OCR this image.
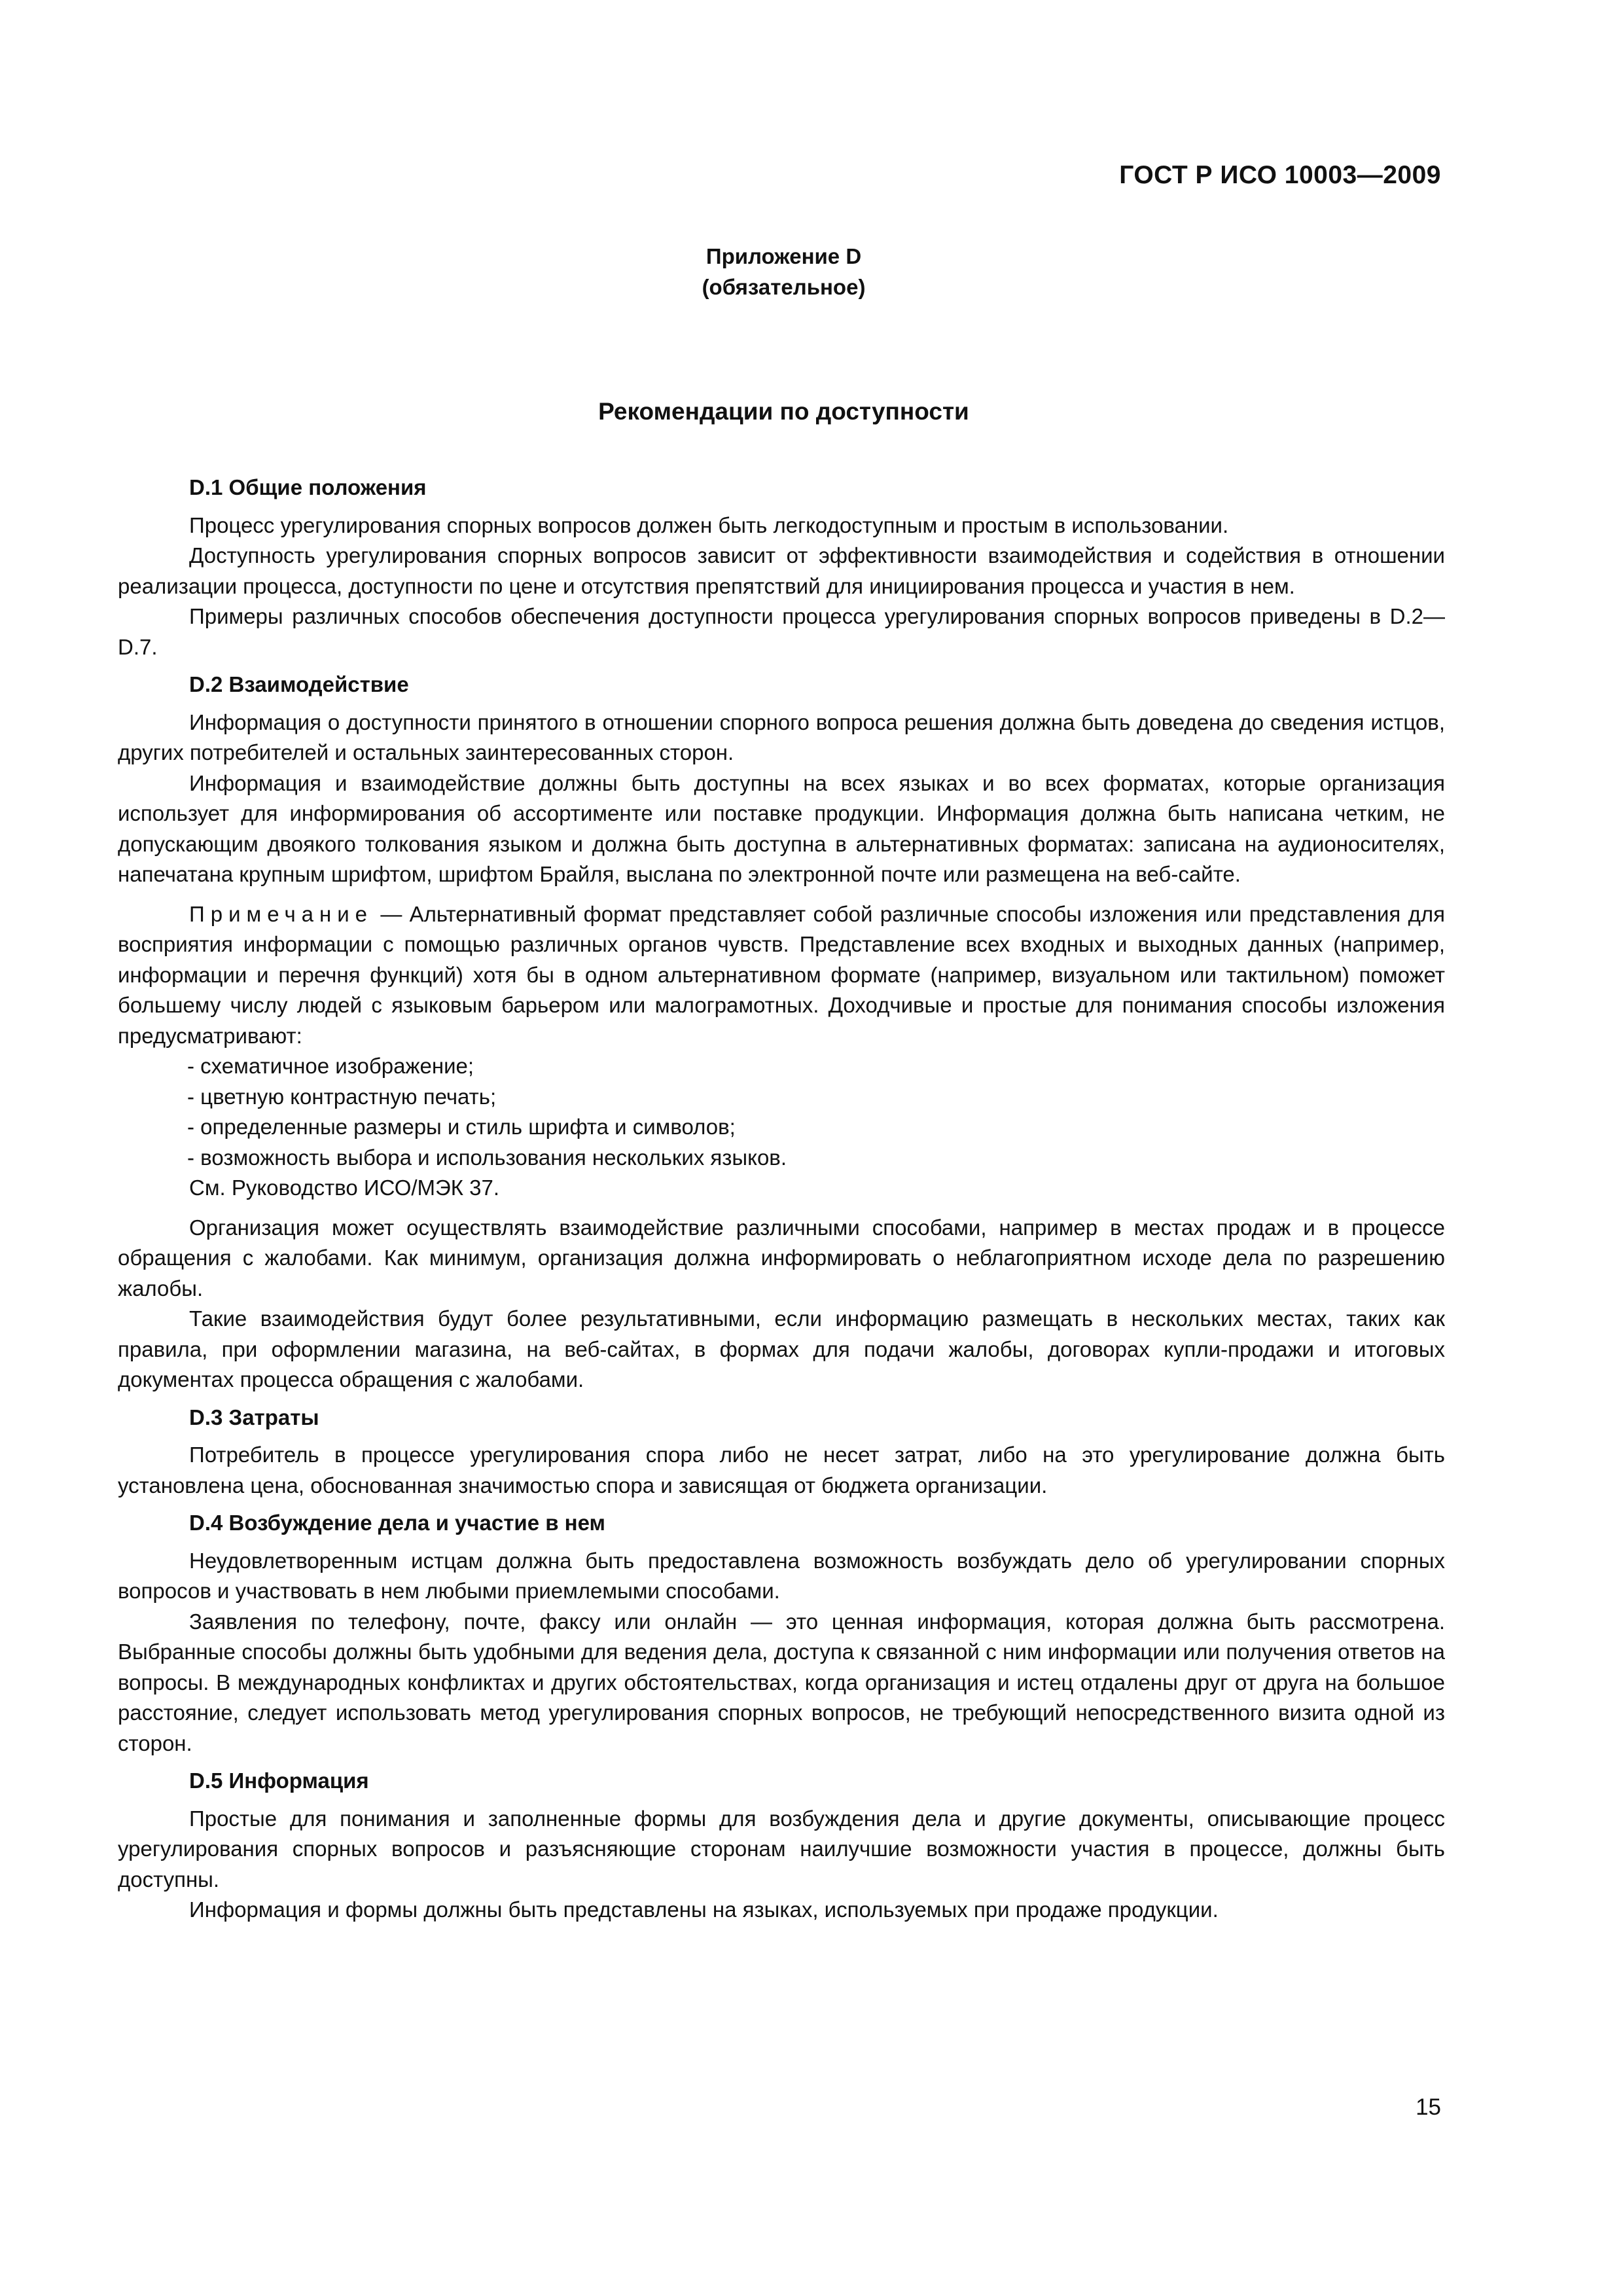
ГОСТ Р ИСО 10003—2009
Приложение D
(обязательное)
Рекомендации по доступности
D.1 Общие положения

Процесс урегулирования спорных вопросов должен быть легкодоступным и простым в использовании.

Доступность урегулирования спорных вопросов зависит от эффективности взаимодействия и содействия в отношении реализации процесса, доступности по цене и отсутствия препятствий для инициирования процесса и участия в нем.

Примеры различных способов обеспечения доступности процесса урегулирования спорных вопросов приведены в D.2—D.7.

D.2 Взаимодействие

Информация о доступности принятого в отношении спорного вопроса решения должна быть доведена до сведения истцов, других потребителей и остальных заинтересованных сторон.

Информация и взаимодействие должны быть доступны на всех языках и во всех форматах, которые организация использует для информирования об ассортименте или поставке продукции. Информация должна быть написана четким, не допускающим двоякого толкования языком и должна быть доступна в альтернативных форматах: записана на аудионосителях, напечатана крупным шрифтом, шрифтом Брайля, выслана по электронной почте или размещена на веб-сайте.

Примечание — Альтернативный формат представляет собой различные способы изложения или представления для восприятия информации с помощью различных органов чувств. Представление всех входных и выходных данных (например, информации и перечня функций) хотя бы в одном альтернативном формате (например, визуальном или тактильном) поможет большему числу людей с языковым барьером или малограмотных. Доходчивые и простые для понимания способы изложения предусматривают:

- схематичное изображение;
- цветную контрастную печать;
- определенные размеры и стиль шрифта и символов;
- возможность выбора и использования нескольких языков.

См. Руководство ИСО/МЭК 37.

Организация может осуществлять взаимодействие различными способами, например в местах продаж и в процессе обращения с жалобами. Как минимум, организация должна информировать о неблагоприятном исходе дела по разрешению жалобы.

Такие взаимодействия будут более результативными, если информацию размещать в нескольких местах, таких как правила, при оформлении магазина, на веб-сайтах, в формах для подачи жалобы, договорах купли-продажи и итоговых документах процесса обращения с жалобами.

D.3 Затраты

Потребитель в процессе урегулирования спора либо не несет затрат, либо на это урегулирование должна быть установлена цена, обоснованная значимостью спора и зависящая от бюджета организации.

D.4 Возбуждение дела и участие в нем

Неудовлетворенным истцам должна быть предоставлена возможность возбуждать дело об урегулировании спорных вопросов и участвовать в нем любыми приемлемыми способами.

Заявления по телефону, почте, факсу или онлайн — это ценная информация, которая должна быть рассмотрена. Выбранные способы должны быть удобными для ведения дела, доступа к связанной с ним информации или получения ответов на вопросы. В международных конфликтах и других обстоятельствах, когда организация и истец отдалены друг от друга на большое расстояние, следует использовать метод урегулирования спорных вопросов, не требующий непосредственного визита одной из сторон.

D.5 Информация

Простые для понимания и заполненные формы для возбуждения дела и другие документы, описывающие процесс урегулирования спорных вопросов и разъясняющие сторонам наилучшие возможности участия в процессе, должны быть доступны.

Информация и формы должны быть представлены на языках, используемых при продаже продукции.

15
